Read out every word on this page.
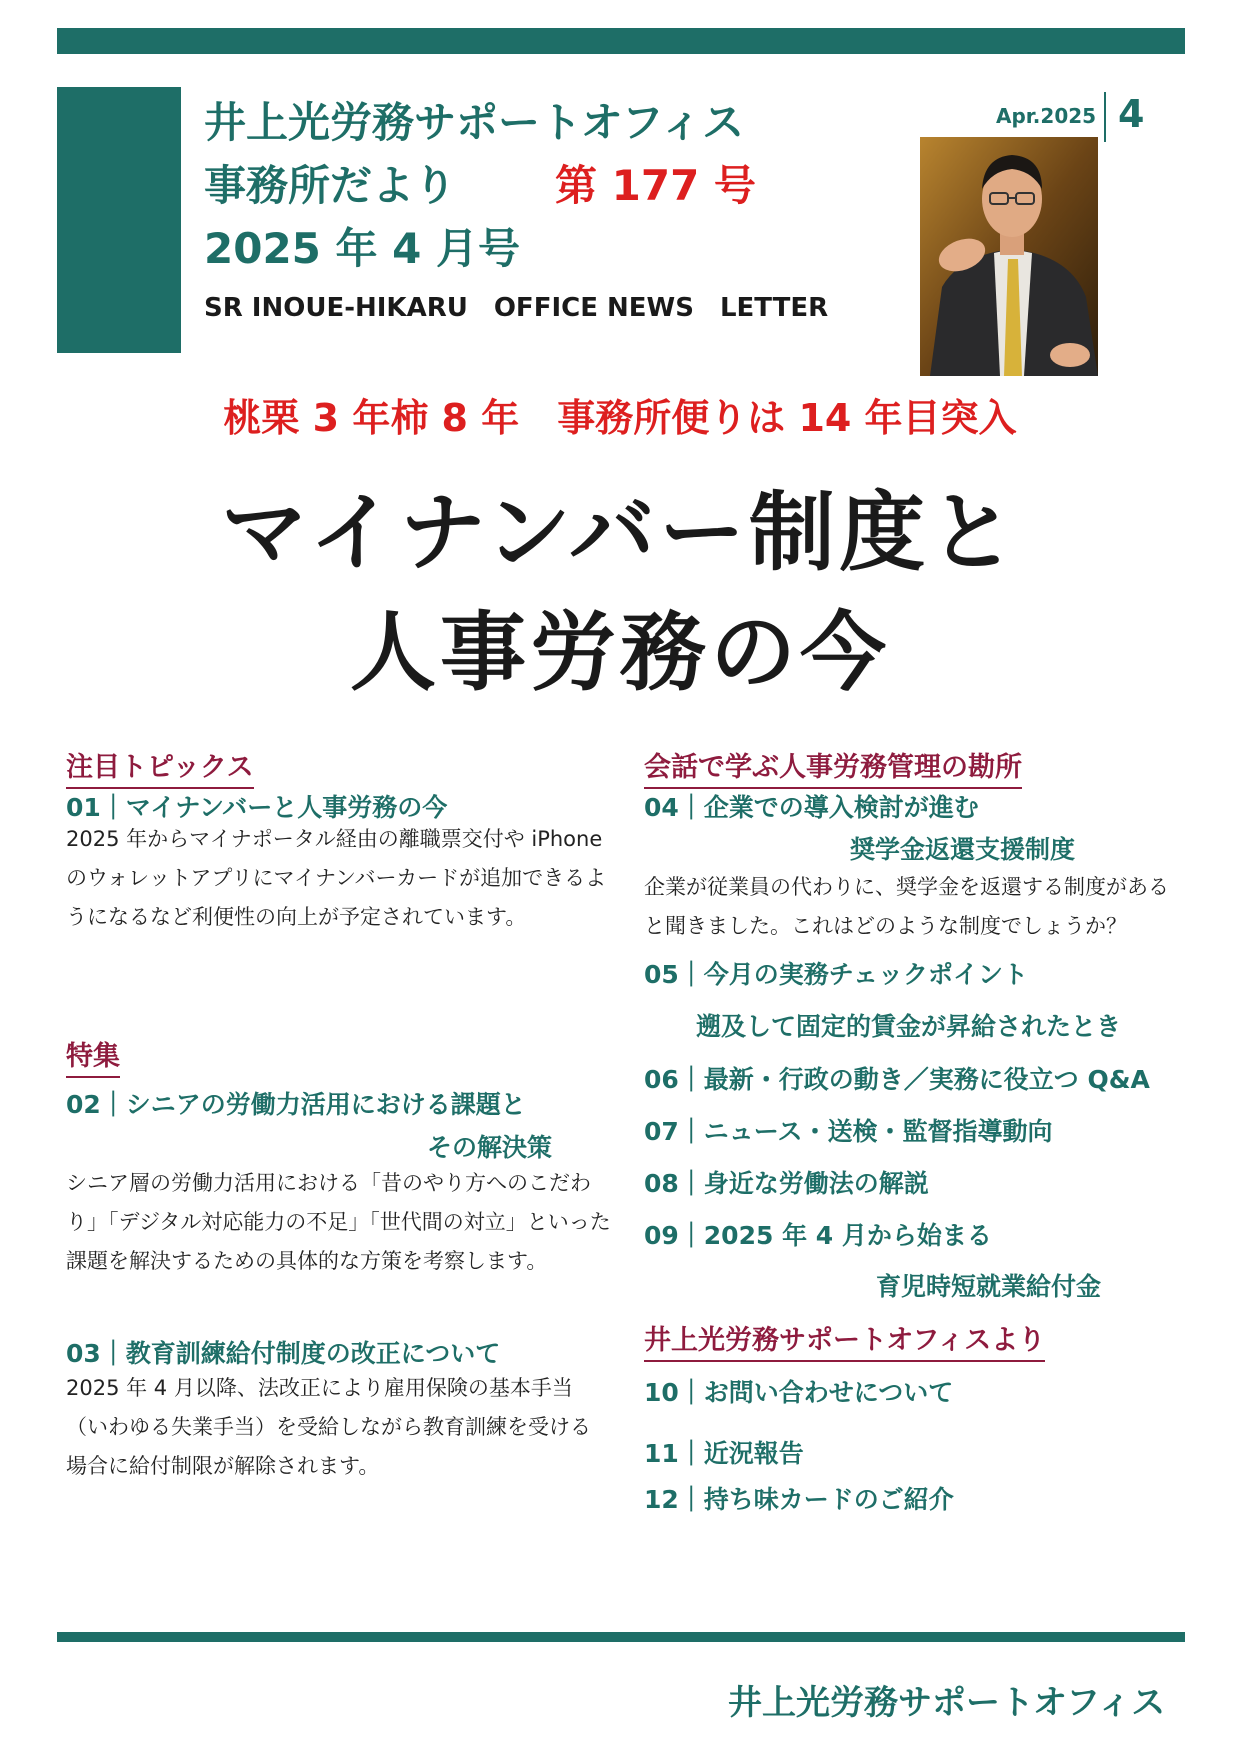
井上光労務サポートオフィス
事務所だより 第 177 号
2025 年 4 月号
SR INOUE-HIKARU　OFFICE NEWS　LETTER
Apr.2025 4
桃栗 3 年柿 8 年　事務所便りは 14 年目突入
マイナンバー制度と
人事労務の今
注目トピックス
01｜マイナンバーと人事労務の今
2025 年からマイナポータル経由の離職票交付や iPhone のウォレットアプリにマイナンバーカードが追加できるようになるなど利便性の向上が予定されています。
特集
02｜シニアの労働力活用における課題と
その解決策
シニア層の労働力活用における「昔のやり方へのこだわり」「デジタル対応能力の不足」「世代間の対立」といった課題を解決するための具体的な方策を考察します。
03｜教育訓練給付制度の改正について
2025 年 4 月以降、法改正により雇用保険の基本手当（いわゆる失業手当）を受給しながら教育訓練を受ける場合に給付制限が解除されます。
会話で学ぶ人事労務管理の勘所
04｜企業での導入検討が進む
奨学金返還支援制度
企業が従業員の代わりに、奨学金を返還する制度があると聞きました。これはどのような制度でしょうか？
05｜今月の実務チェックポイント
遡及して固定的賃金が昇給されたとき
06｜最新・行政の動き／実務に役立つ Q&A
07｜ニュース・送検・監督指導動向
08｜身近な労働法の解説
09｜2025 年 4 月から始まる
育児時短就業給付金
井上光労務サポートオフィスより
10｜お問い合わせについて
11｜近況報告
12｜持ち味カードのご紹介
井上光労務サポートオフィス
